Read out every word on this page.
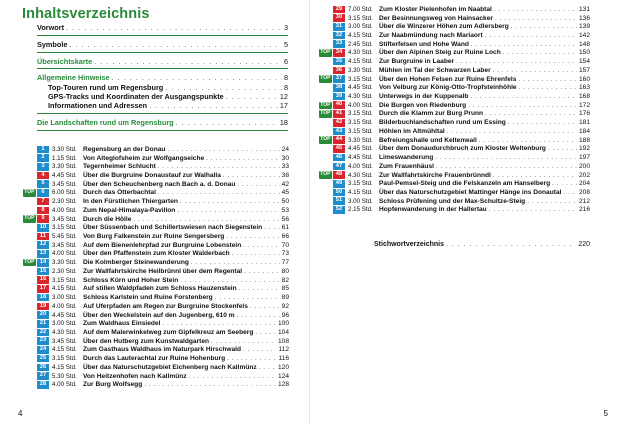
Inhaltsverzeichnis
Vorwort . . .	3
Symbole . . .	5
Übersichtskarte . . .	6
Allgemeine Hinweise . . .	8
Top-Touren rund um Regensburg . . .	8
GPS-Tracks und Koordinaten der Ausgangspunkte . . .	12
Informationen und Adressen . . .	17
Die Landschaften rund um Regensburg . . .	18
1	3.30 Std. Regensburg an der Donau . . .	24
2	1.15 Std. Von Alteglofsheim zur Wolfgangseiche . . .	30
3	3.30 Std. Tegernheimer Schlucht . . .	33
4	4.45 Std. Über die Burgruine Donaustauf zur Walhalla . . .	38
5	3.45 Std. Über den Scheuchenberg nach Bach a. d. Donau . . .	42
TOP	6	6.00 Std. Durch das Otterbachtal . . .	45
7	2.30 Std. In den Fürstlichen Thiergarten . . .	50
8	4.00 Std. Zum Nepal-Himalaya-Pavillon . . .	53
TOP	9	3.45 Std. Durch die Hölle . . .	56
10 3.15 Std. Über Süssenbach und Schillertswiesen nach Siegenstein . . .	61
11 5.45 Std. Von Burg Falkenstein zur Ruine Sengersberg . . .	66
12 3.45 Std. Auf dem Bienenlehrpfad zur Burgruine Lobenstein . . .	70
13 4.00 Std. Über den Pfaffenstein zum Kloster Walderbach . . .	73
TOP 14 3.30 Std. Die Kolmberger Steinewanderung . . .	77
15 2.30 Std. Zur Wallfahrtskirche Heilbrünnl über dem Regental . . .	80
16 3.15 Std. Schloss Kürn und Hoher Stein . . .	82
17 4.15 Std. Auf stillen Waldpfaden zum Schloss Hauzenstein . . .	85
18 3.00 Std. Schloss Karlstein und Ruine Forstenberg . . .	89
19 4.00 Std. Auf Uferpfaden am Regen zur Burgruine Stockenfels . . .	92
20 4.45 Std. Über den Weckelstein auf den Jugenberg, 610 m . . .	96
21 3.00 Std. Zum Waldhaus Einsiedel . . .	100
22 4.30 Std. Auf dem Malerwinkelweg zum Gipfelkreuz am Seeberg . . .	104
23 3.45 Std. Über den Hutberg zum Kunstwaldgarten . . .	108
24 4.15 Std. Zum Gasthaus Waldhaus im Naturpark Hirschwald . . .	112
25 3.15 Std. Durch das Lauterachtal zur Ruine Hohenburg . . .	116
26 4.15 Std. Über das Naturschutzgebiet Eichenberg nach Kallmünz . . .	120
27 5.30 Std. Von Heitzenhofen nach Kallmünz . . .	124
28 4.00 Std. Zur Burg Wolfsegg . . .	128
4
29 7.00 Std. Zum Kloster Pielenhofen im Naabtal . . .	131
30 3.15 Std. Der Besinnungsweg von Hainsacker . . .	136
31 3.00 Std. Über die Winzerer Höhen zum Adlersberg . . .	139
32 4.15 Std. Zur Naabmündung nach Mariaort . . .	142
33 2.45 Std. Stifterfelsen und Hohe Wand . . .	148
TOP 34 4.30 Std. Über den Alpinen Steig zur Ruine Loch . . .	150
35 4.15 Std. Zur Burgruine in Laaber . . .	154
36 3.30 Std. Mühlen im Tal der Schwarzen Laber . . .	157
TOP 37 3.15 Std. Über den Hohen Felsen zur Ruine Ehrenfels . . .	160
38 4.45 Std. Von Velburg zur König-Otto-Tropfsteinhöhle . . .	163
39 4.30 Std. Unterwegs in der Kuppenalb . . .	168
TOP 40 4.00 Std. Die Burgen von Riedenburg . . .	172
TOP 41 3.15 Std. Durch die Klamm zur Burg Prunn . . .	176
42 3.15 Std. Bilderbuchlandschaften rund um Essing . . .	181
43 3.15 Std. Höhlen im Altmühltal . . .	184
TOP 44 3.30 Std. Befreiungshalle und Keltenwall . . .	188
45 4.45 Std. Über dem Donaudurchbruch zum Kloster Weltenburg . . .	192
46 4.45 Std. Limeswanderung . . .	197
47 4.00 Std. Zum Frauenhäusl . . .	200
TOP 48 4.30 Std. Zur Wallfahrtskirche Frauenbrünndl . . .	202
49 3.15 Std. Paul-Pemsel-Steig und die Felskanzeln am Hanselberg . . .	204
50 4.15 Std. Über das Naturschutzgebiet Mattinger Hänge ins Donautal . . .	208
51 3.00 Std. Schloss Prüfening und der Max-Schultze-Steig . . .	212
52 2.15 Std. Hopfenwanderung in der Hallertau . . .	216
Stichwortverzeichnis . . .	220
5
